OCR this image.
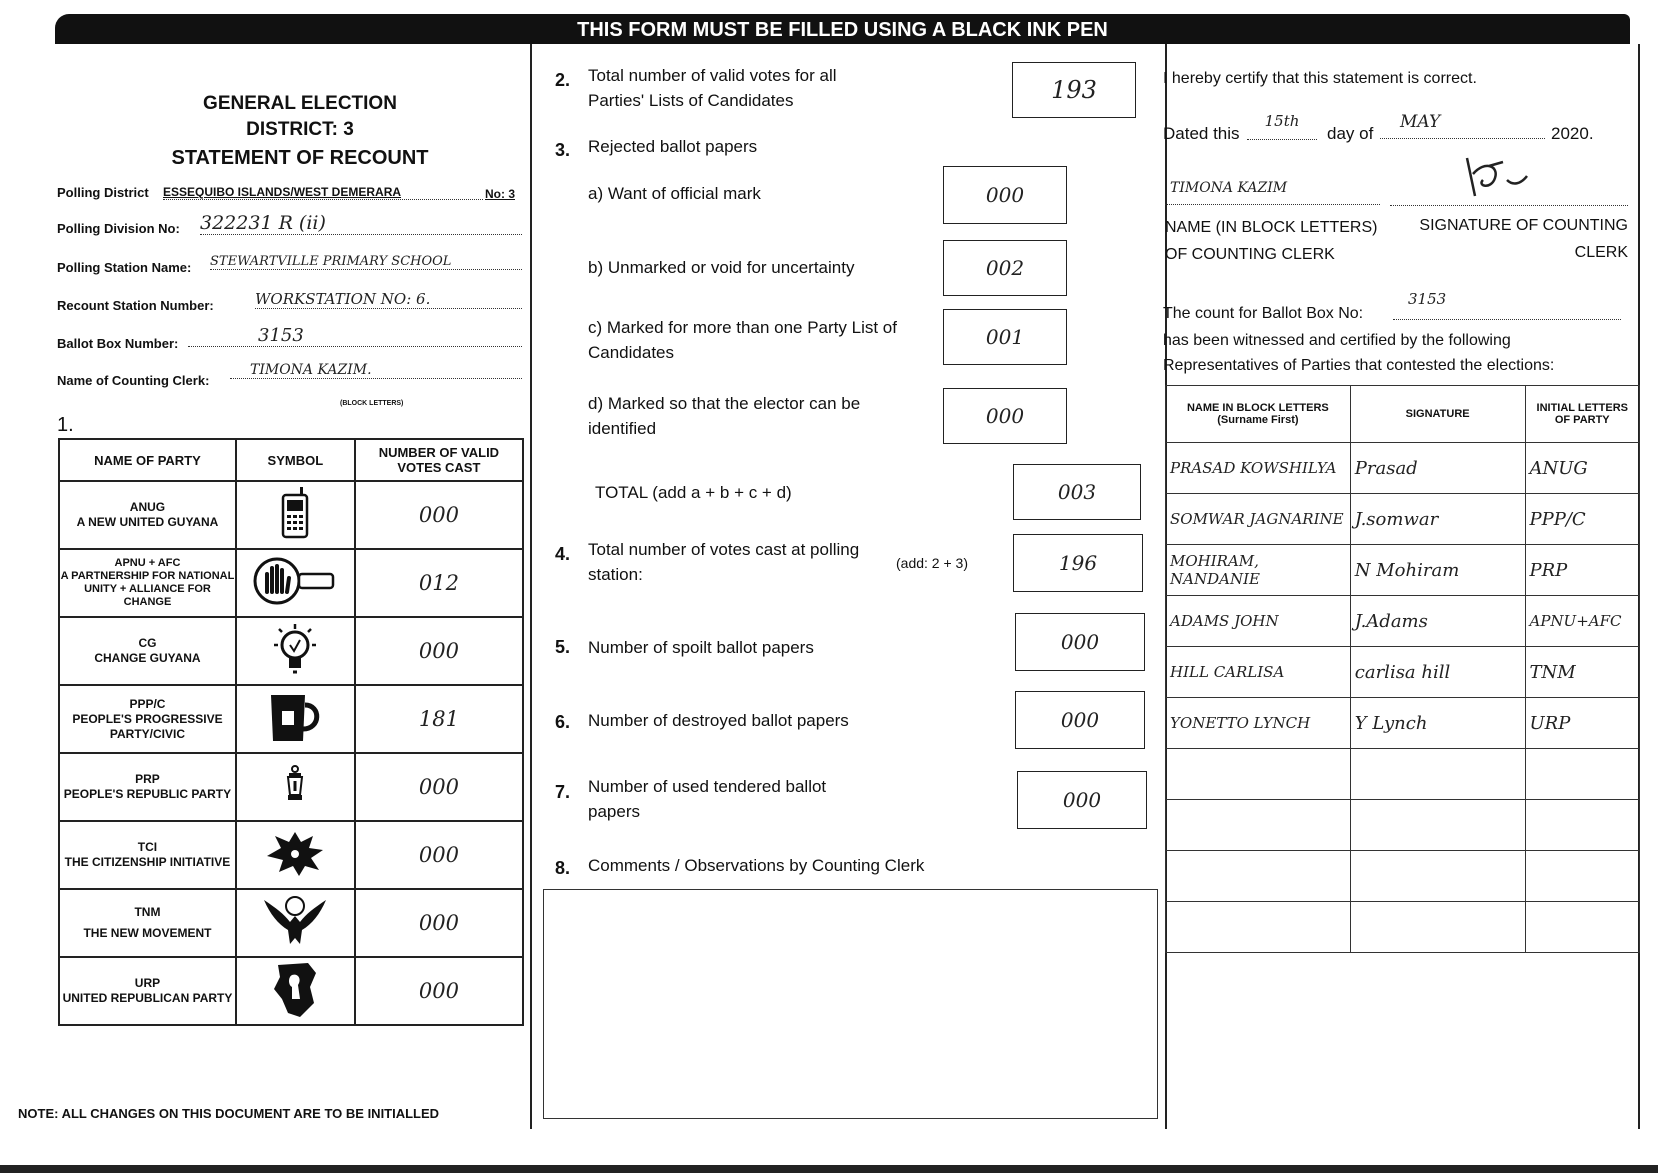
THIS FORM MUST BE FILLED USING A BLACK INK PEN
GENERAL ELECTION
DISTRICT: 3
STATEMENT OF RECOUNT
Polling District ESSEQUIBO ISLANDS/WEST DEMERARA	No: 3
Polling Division No: 322231 R (ii)
Polling Station Name: STEWARTVILLE PRIMARY SCHOOL
Recount Station Number:	WORKSTATION NO: 6.
Ballot Box Number:	3153
Name of Counting Clerk:
TIMONA KAZIM.
(BLOCK LETTERS)
1.
NAME OF PARTY	SYMBOL	NUMBER OF VALID VOTES CAST

ANUG
A NEW UNITED GUYANA		000

APNU + AFC
A PARTNERSHIP FOR NATIONAL UNITY + ALLIANCE FOR CHANGE		012

CG
CHANGE GUYANA		000

PPP/C
PEOPLE'S PROGRESSIVE PARTY/CIVIC		181

PRP
PEOPLE'S REPUBLIC PARTY		000

TCI
THE CITIZENSHIP INITIATIVE		000

TNM
THE NEW MOVEMENT		000

URP
UNITED REPUBLICAN PARTY		000
NOTE: ALL CHANGES ON THIS DOCUMENT ARE TO BE INITIALLED
2. Total number of valid votes for all Parties' Lists of Candidates	193
3. Rejected ballot papers
a) Want of official mark	000
b) Unmarked or void for uncertainty	002
c) Marked for more than one Party List of Candidates
001
d) Marked so that the elector can be identified
000
TOTAL (add a + b + c + d)	003
4. Total number of votes cast at polling station:
(add: 2 + 3)	196
5. Number of spoilt ballot papers	000
6. Number of destroyed ballot papers	000
7. Number of used tendered ballot papers	000
8. Comments / Observations by Counting Clerk
I hereby certify that this statement is correct.
Dated this
15th
day of
MAY
2020.
TIMONA KAZIM
NAME (IN BLOCK LETTERS) OF COUNTING CLERK
SIGNATURE OF COUNTING CLERK
The count for Ballot Box No:
3153
has been witnessed and certified by the following
Representatives of Parties that contested the elections:
NAME IN BLOCK LETTERS (Surname First)	SIGNATURE	INITIAL LETTERS OF PARTY
PRASAD KOWSHILYA	Prasad	ANUG
SOMWAR JAGNARINE	J.somwar	PPP/C
MOHIRAM, NANDANIE	N Mohiram	PRP
ADAMS JOHN	J.Adams	APNU+AFC
HILL CARLISA	carlisa hill	TNM
YONETTO LYNCH	Y Lynch	URP
